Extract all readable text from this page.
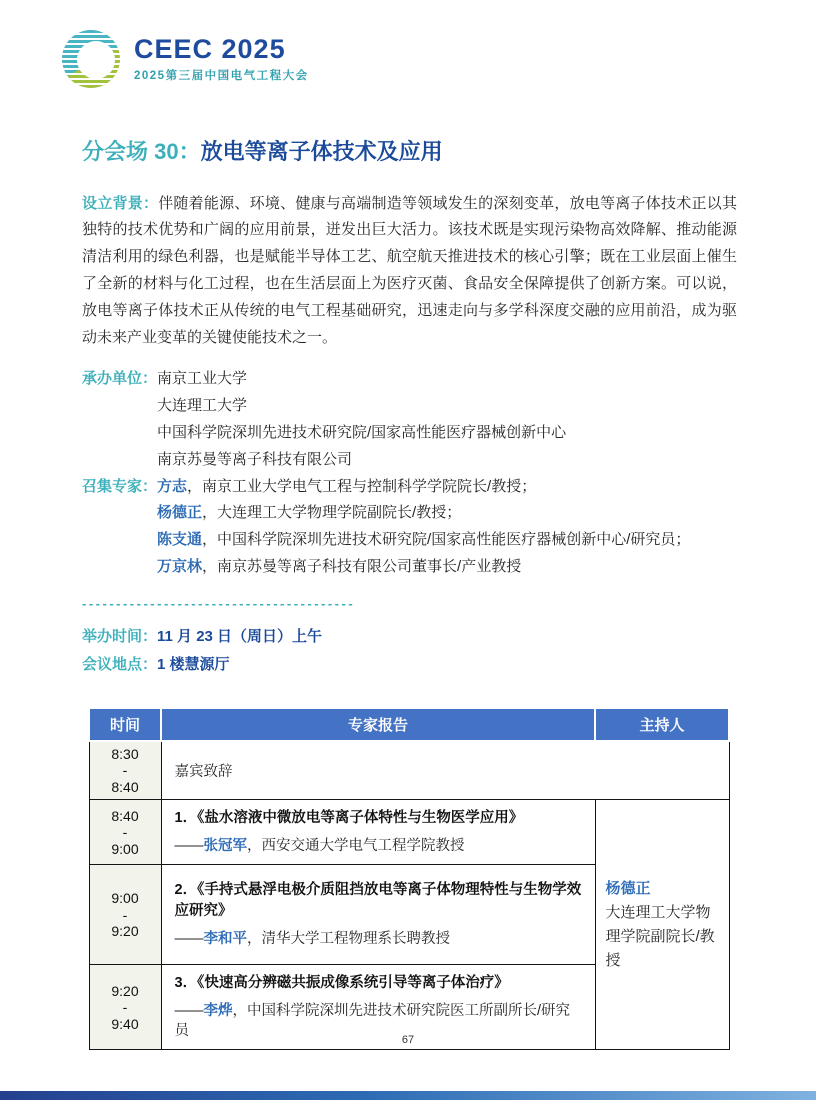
CEEC 2025
2025第三届中国电气工程大会
分会场 30：放电等离子体技术及应用

设立背景：伴随着能源、环境、健康与高端制造等领域发生的深刻变革，放电等离子体技术正以其独特的技术优势和广阔的应用前景，迸发出巨大活力。该技术既是实现污染物高效降解、推动能源清洁利用的绿色利器，也是赋能半导体工艺、航空航天推进技术的核心引擎；既在工业层面上催生了全新的材料与化工过程，也在生活层面上为医疗灭菌、食品安全保障提供了创新方案。可以说，放电等离子体技术正从传统的电气工程基础研究，迅速走向与多学科深度交融的应用前沿，成为驱动未来产业变革的关键使能技术之一。

承办单位： 南京工业大学
大连理工大学
中国科学院深圳先进技术研究院/国家高性能医疗器械创新中心
南京苏曼等离子科技有限公司
召集专家： 方志，南京工业大学电气工程与控制科学学院院长/教授；
杨德正，大连理工大学物理学院副院长/教授；
陈支通，中国科学院深圳先进技术研究院/国家高性能医疗器械创新中心/研究员；
万京林，南京苏曼等离子科技有限公司董事长/产业教授
----------------------------------------
举办时间：11 月 23 日（周日）上午
会议地点：1 楼慧源厅
时间	专家报告	主持人

8:30
-
8:40	嘉宾致辞	

8:40
-
9:00

1．《盐水溶液中微放电等离子体特性与生物医学应用》
——张冠军，西安交通大学电气工程学院教授

杨德正
大连理工大学物理学院副院长/教授

9:00
-
9:20

2．《手持式悬浮电极介质阻挡放电等离子体物理特性与生物学效应研究》
——李和平，清华大学工程物理系长聘教授

9:20
-
9:40

3．《快速高分辨磁共振成像系统引导等离子体治疗》
——李烨，中国科学院深圳先进技术研究院医工所副所长/研究员
67
